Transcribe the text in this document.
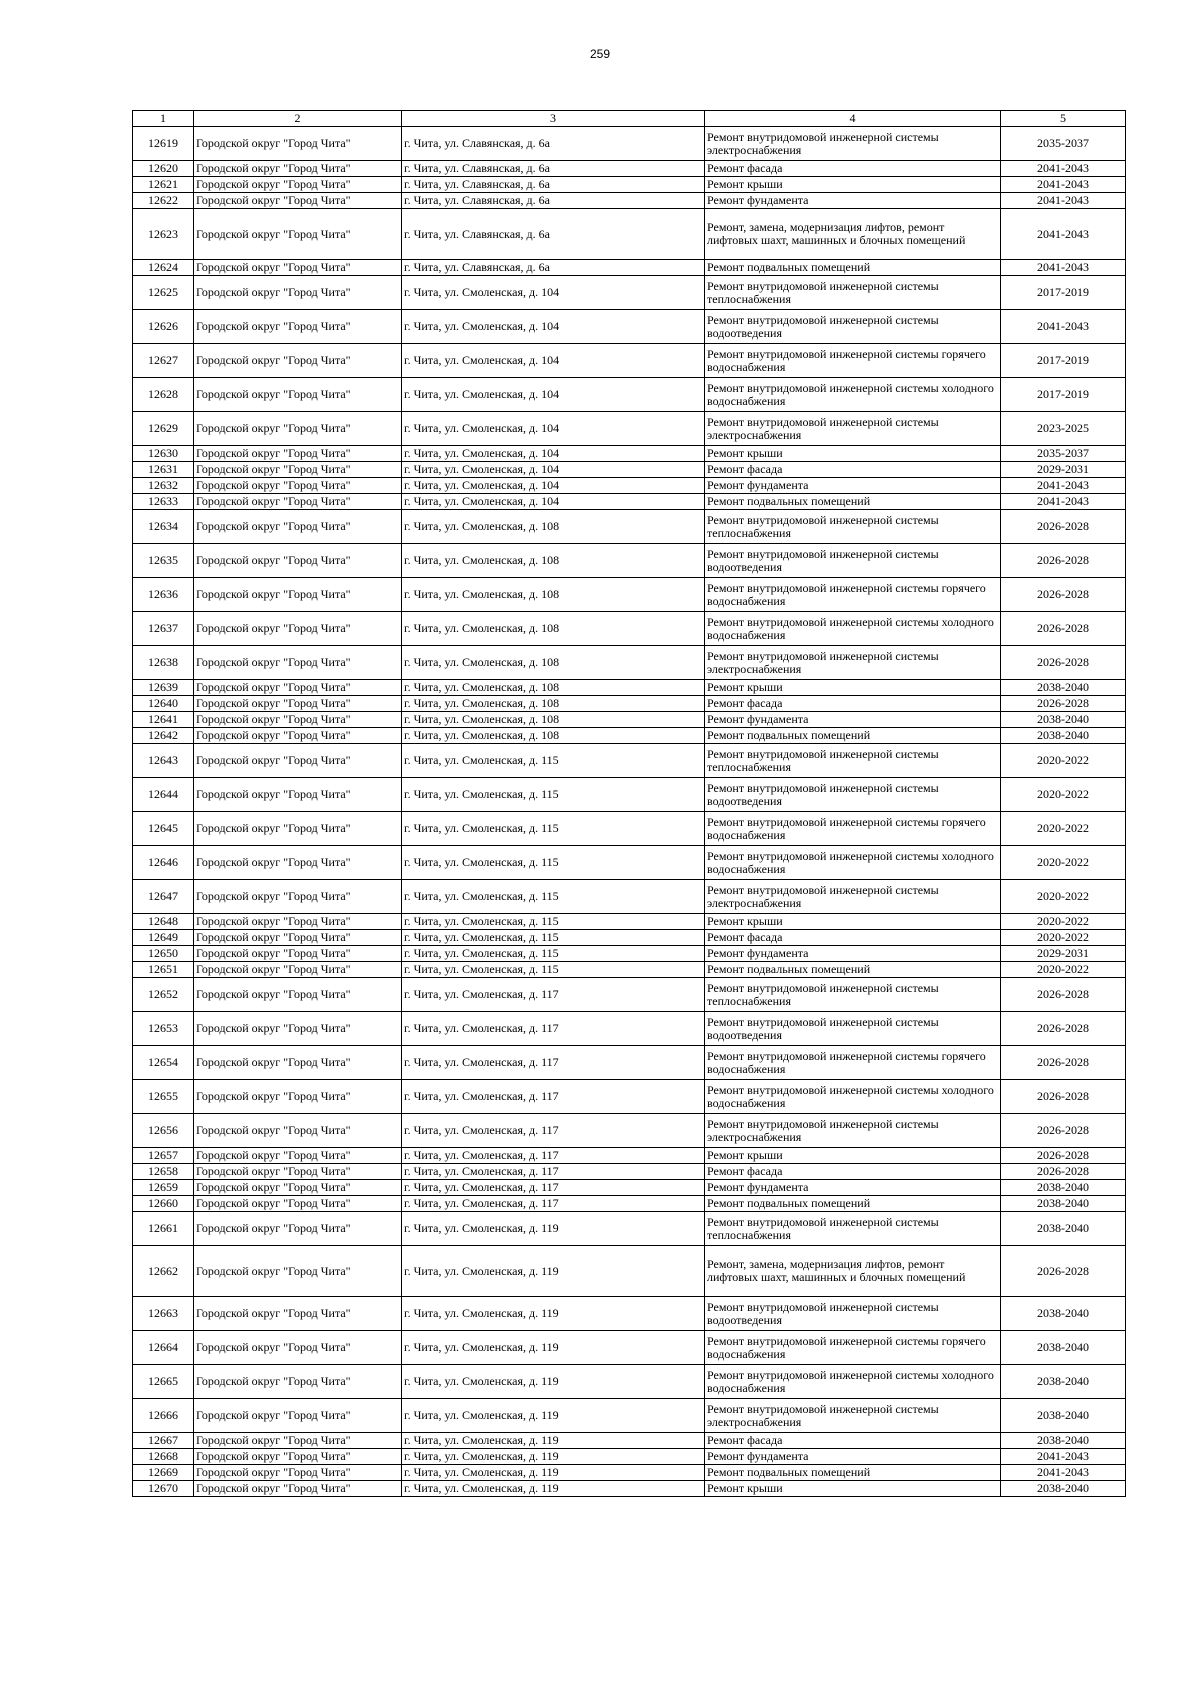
259
1	2	3	4	5
12619	Городской округ "Город Чита"	г. Чита, ул. Славянская, д. 6а	Ремонт внутридомовой инженерной системы электроснабжения	2035-2037
12620	Городской округ "Город Чита"	г. Чита, ул. Славянская, д. 6а	Ремонт фасада	2041-2043
12621	Городской округ "Город Чита"	г. Чита, ул. Славянская, д. 6а	Ремонт крыши	2041-2043
12622	Городской округ "Город Чита"	г. Чита, ул. Славянская, д. 6а	Ремонт фундамента	2041-2043
12623	Городской округ "Город Чита"	г. Чита, ул. Славянская, д. 6а	Ремонт, замена, модернизация лифтов, ремонт лифтовых шахт, машинных и блочных помещений	2041-2043
12624	Городской округ "Город Чита"	г. Чита, ул. Славянская, д. 6а	Ремонт подвальных помещений	2041-2043
12625	Городской округ "Город Чита"	г. Чита, ул. Смоленская, д. 104	Ремонт внутридомовой инженерной системы теплоснабжения	2017-2019
12626	Городской округ "Город Чита"	г. Чита, ул. Смоленская, д. 104	Ремонт внутридомовой инженерной системы водоотведения	2041-2043
12627	Городской округ "Город Чита"	г. Чита, ул. Смоленская, д. 104	Ремонт внутридомовой инженерной системы горячего водоснабжения	2017-2019
12628	Городской округ "Город Чита"	г. Чита, ул. Смоленская, д. 104	Ремонт внутридомовой инженерной системы холодного водоснабжения	2017-2019
12629	Городской округ "Город Чита"	г. Чита, ул. Смоленская, д. 104	Ремонт внутридомовой инженерной системы электроснабжения	2023-2025
12630	Городской округ "Город Чита"	г. Чита, ул. Смоленская, д. 104	Ремонт крыши	2035-2037
12631	Городской округ "Город Чита"	г. Чита, ул. Смоленская, д. 104	Ремонт фасада	2029-2031
12632	Городской округ "Город Чита"	г. Чита, ул. Смоленская, д. 104	Ремонт фундамента	2041-2043
12633	Городской округ "Город Чита"	г. Чита, ул. Смоленская, д. 104	Ремонт подвальных помещений	2041-2043
12634	Городской округ "Город Чита"	г. Чита, ул. Смоленская, д. 108	Ремонт внутридомовой инженерной системы теплоснабжения	2026-2028
12635	Городской округ "Город Чита"	г. Чита, ул. Смоленская, д. 108	Ремонт внутридомовой инженерной системы водоотведения	2026-2028
12636	Городской округ "Город Чита"	г. Чита, ул. Смоленская, д. 108	Ремонт внутридомовой инженерной системы горячего водоснабжения	2026-2028
12637	Городской округ "Город Чита"	г. Чита, ул. Смоленская, д. 108	Ремонт внутридомовой инженерной системы холодного водоснабжения	2026-2028
12638	Городской округ "Город Чита"	г. Чита, ул. Смоленская, д. 108	Ремонт внутридомовой инженерной системы электроснабжения	2026-2028
12639	Городской округ "Город Чита"	г. Чита, ул. Смоленская, д. 108	Ремонт крыши	2038-2040
12640	Городской округ "Город Чита"	г. Чита, ул. Смоленская, д. 108	Ремонт фасада	2026-2028
12641	Городской округ "Город Чита"	г. Чита, ул. Смоленская, д. 108	Ремонт фундамента	2038-2040
12642	Городской округ "Город Чита"	г. Чита, ул. Смоленская, д. 108	Ремонт подвальных помещений	2038-2040
12643	Городской округ "Город Чита"	г. Чита, ул. Смоленская, д. 115	Ремонт внутридомовой инженерной системы теплоснабжения	2020-2022
12644	Городской округ "Город Чита"	г. Чита, ул. Смоленская, д. 115	Ремонт внутридомовой инженерной системы водоотведения	2020-2022
12645	Городской округ "Город Чита"	г. Чита, ул. Смоленская, д. 115	Ремонт внутридомовой инженерной системы горячего водоснабжения	2020-2022
12646	Городской округ "Город Чита"	г. Чита, ул. Смоленская, д. 115	Ремонт внутридомовой инженерной системы холодного водоснабжения	2020-2022
12647	Городской округ "Город Чита"	г. Чита, ул. Смоленская, д. 115	Ремонт внутридомовой инженерной системы электроснабжения	2020-2022
12648	Городской округ "Город Чита"	г. Чита, ул. Смоленская, д. 115	Ремонт крыши	2020-2022
12649	Городской округ "Город Чита"	г. Чита, ул. Смоленская, д. 115	Ремонт фасада	2020-2022
12650	Городской округ "Город Чита"	г. Чита, ул. Смоленская, д. 115	Ремонт фундамента	2029-2031
12651	Городской округ "Город Чита"	г. Чита, ул. Смоленская, д. 115	Ремонт подвальных помещений	2020-2022
12652	Городской округ "Город Чита"	г. Чита, ул. Смоленская, д. 117	Ремонт внутридомовой инженерной системы теплоснабжения	2026-2028
12653	Городской округ "Город Чита"	г. Чита, ул. Смоленская, д. 117	Ремонт внутридомовой инженерной системы водоотведения	2026-2028
12654	Городской округ "Город Чита"	г. Чита, ул. Смоленская, д. 117	Ремонт внутридомовой инженерной системы горячего водоснабжения	2026-2028
12655	Городской округ "Город Чита"	г. Чита, ул. Смоленская, д. 117	Ремонт внутридомовой инженерной системы холодного водоснабжения	2026-2028
12656	Городской округ "Город Чита"	г. Чита, ул. Смоленская, д. 117	Ремонт внутридомовой инженерной системы электроснабжения	2026-2028
12657	Городской округ "Город Чита"	г. Чита, ул. Смоленская, д. 117	Ремонт крыши	2026-2028
12658	Городской округ "Город Чита"	г. Чита, ул. Смоленская, д. 117	Ремонт фасада	2026-2028
12659	Городской округ "Город Чита"	г. Чита, ул. Смоленская, д. 117	Ремонт фундамента	2038-2040
12660	Городской округ "Город Чита"	г. Чита, ул. Смоленская, д. 117	Ремонт подвальных помещений	2038-2040
12661	Городской округ "Город Чита"	г. Чита, ул. Смоленская, д. 119	Ремонт внутридомовой инженерной системы теплоснабжения	2038-2040
12662	Городской округ "Город Чита"	г. Чита, ул. Смоленская, д. 119	Ремонт, замена, модернизация лифтов, ремонт лифтовых шахт, машинных и блочных помещений	2026-2028
12663	Городской округ "Город Чита"	г. Чита, ул. Смоленская, д. 119	Ремонт внутридомовой инженерной системы водоотведения	2038-2040
12664	Городской округ "Город Чита"	г. Чита, ул. Смоленская, д. 119	Ремонт внутридомовой инженерной системы горячего водоснабжения	2038-2040
12665	Городской округ "Город Чита"	г. Чита, ул. Смоленская, д. 119	Ремонт внутридомовой инженерной системы холодного водоснабжения	2038-2040
12666	Городской округ "Город Чита"	г. Чита, ул. Смоленская, д. 119	Ремонт внутридомовой инженерной системы электроснабжения	2038-2040
12667	Городской округ "Город Чита"	г. Чита, ул. Смоленская, д. 119	Ремонт фасада	2038-2040
12668	Городской округ "Город Чита"	г. Чита, ул. Смоленская, д. 119	Ремонт фундамента	2041-2043
12669	Городской округ "Город Чита"	г. Чита, ул. Смоленская, д. 119	Ремонт подвальных помещений	2041-2043
12670	Городской округ "Город Чита"	г. Чита, ул. Смоленская, д. 119	Ремонт крыши	2038-2040
